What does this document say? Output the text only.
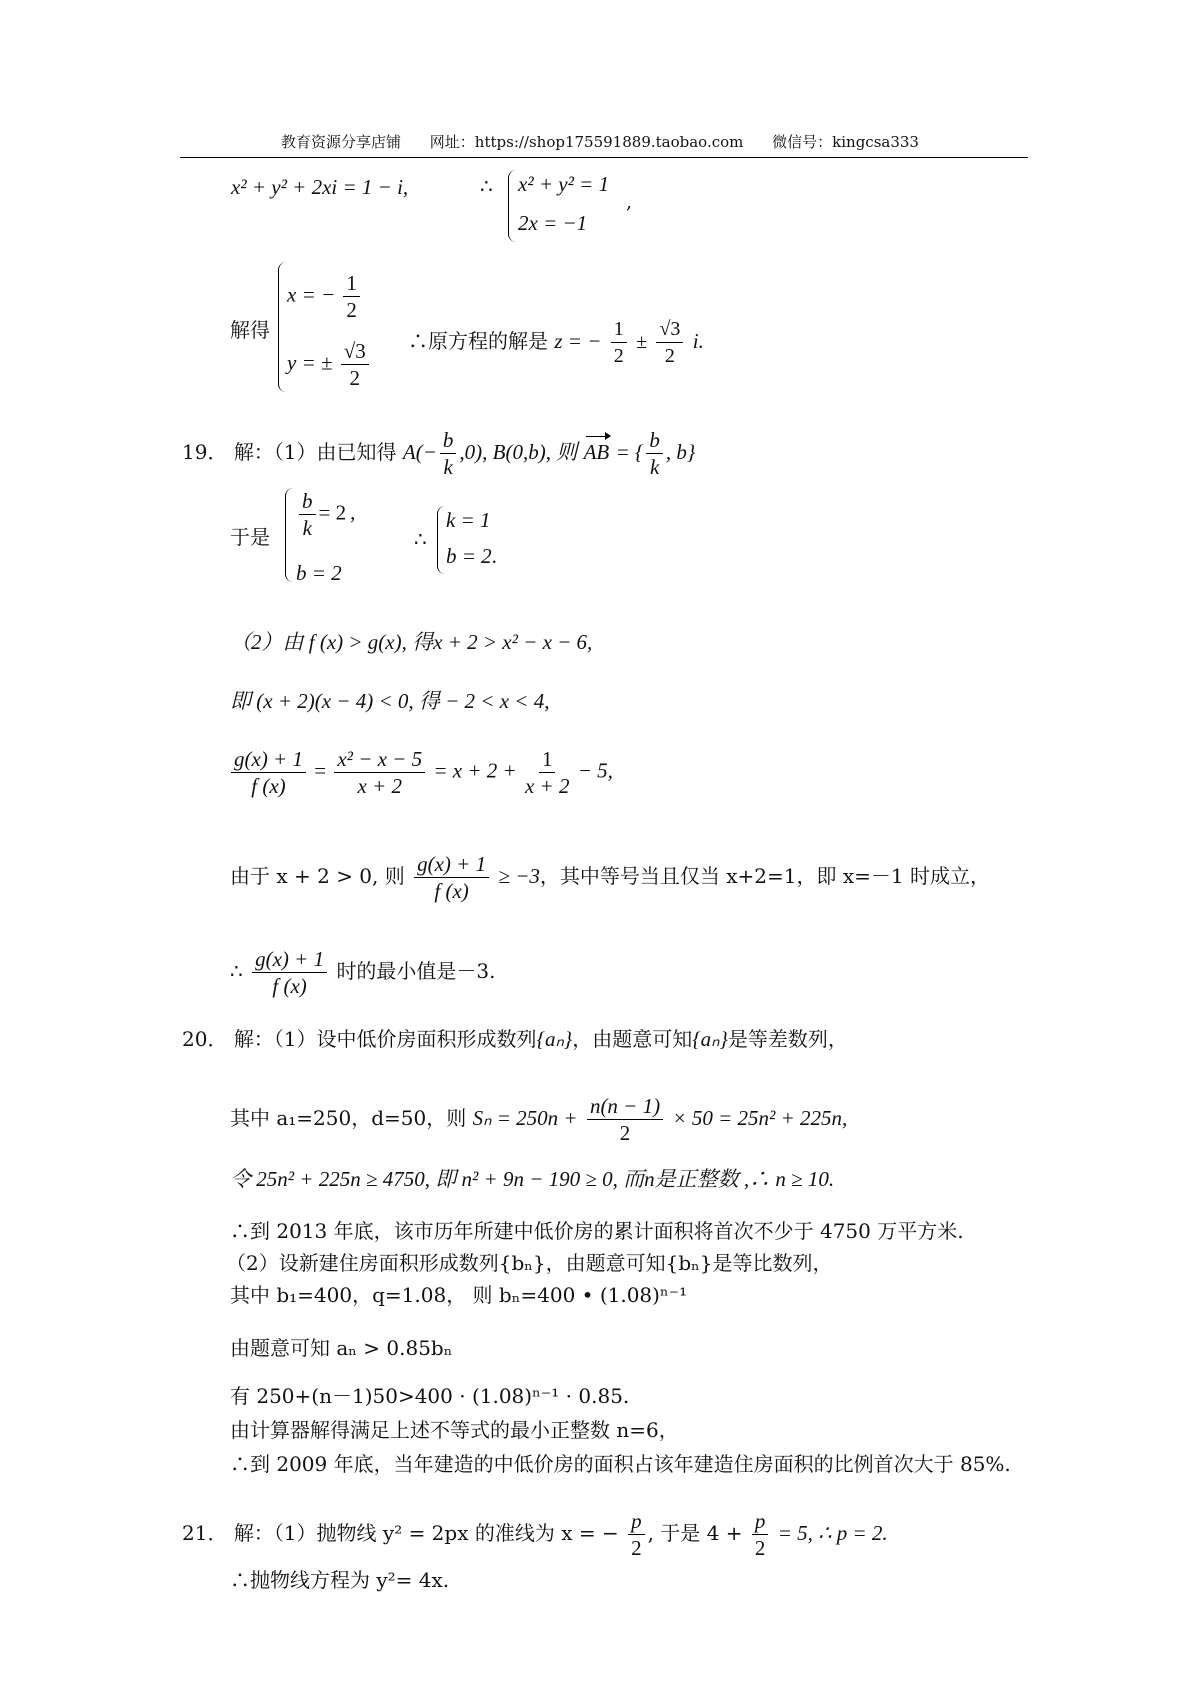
教育资源分享店铺 网址：https://shop175591889.taobao.com 微信号：kingcsa333
x² + y² + 2xi = 1 − i,	∴ x² + y² = 1
2x = −1
,
解得
x = − $\frac{1}{2}$
y = ± $\frac{√3}{2}$ ∴原方程的解是 z = − $\frac{1}{2} \pm \frac{√3}{2} i$.
19． 解：（1）由已知得 $A(- \frac{b}{k} ,0)$, B(0,b), 则 AB = { $\frac{b}{k}$ , b}
于是 $\frac{b}{k} = 2$ ,
b = 2
∴
k = 1
b = 2.
（2）由 f (x) > g(x), 得x + 2 > x² − x − 6,
即 (x + 2)(x − 4) < 0, 得 − 2 < x < 4,
$\frac{g(x) + 1}{f (x)} = \frac{\text{x² − x − 5}}{x + 2} = x + 2 + \frac{1}{x + 2} - 5$,
由于 x + 2 > 0, 则 $\frac{g(x) + 1}{f (x)} \ge -3$，其中等号当且仅当 x+2=1，即 x=－1 时成立，
∴ $\frac{g(x) + 1}{f (x)}$ 时的最小值是－3.
20． 解：（1）设中低价房面积形成数列{aₙ}，由题意可知{aₙ}是等差数列，
其中 a₁=250，d=50，则 $S_n = 250n + \frac{n(n - 1)}{2} \times 50 = 25n^2 + 225n$,
令 25n² + 225n ≥ 4750, 即 n² + 9n − 190 ≥ 0, 而n是正整数 ,∴ n ≥ 10.
∴到 2013 年底，该市历年所建中低价房的累计面积将首次不少于 4750 万平方米.
（2）设新建住房面积形成数列{bₙ}，由题意可知{bₙ}是等比数列，
其中 b₁=400，q=1.08， 则 bₙ=400 • (1.08)ⁿ⁻¹
由题意可知 aₙ > 0.85bₙ
有 250+(n－1)50>400 · (1.08)ⁿ⁻¹ · 0.85.
由计算器解得满足上述不等式的最小正整数 n=6，
∴到 2009 年底，当年建造的中低价房的面积占该年建造住房面积的比例首次大于 85%.
21． 解：（1）抛物线 y² = 2px 的准线为 x = − $\frac{p}{2}$ , 于是 $4 + \frac{p}{2} = 5$, ∴ p = 2.
∴抛物线方程为 y²= 4x.
